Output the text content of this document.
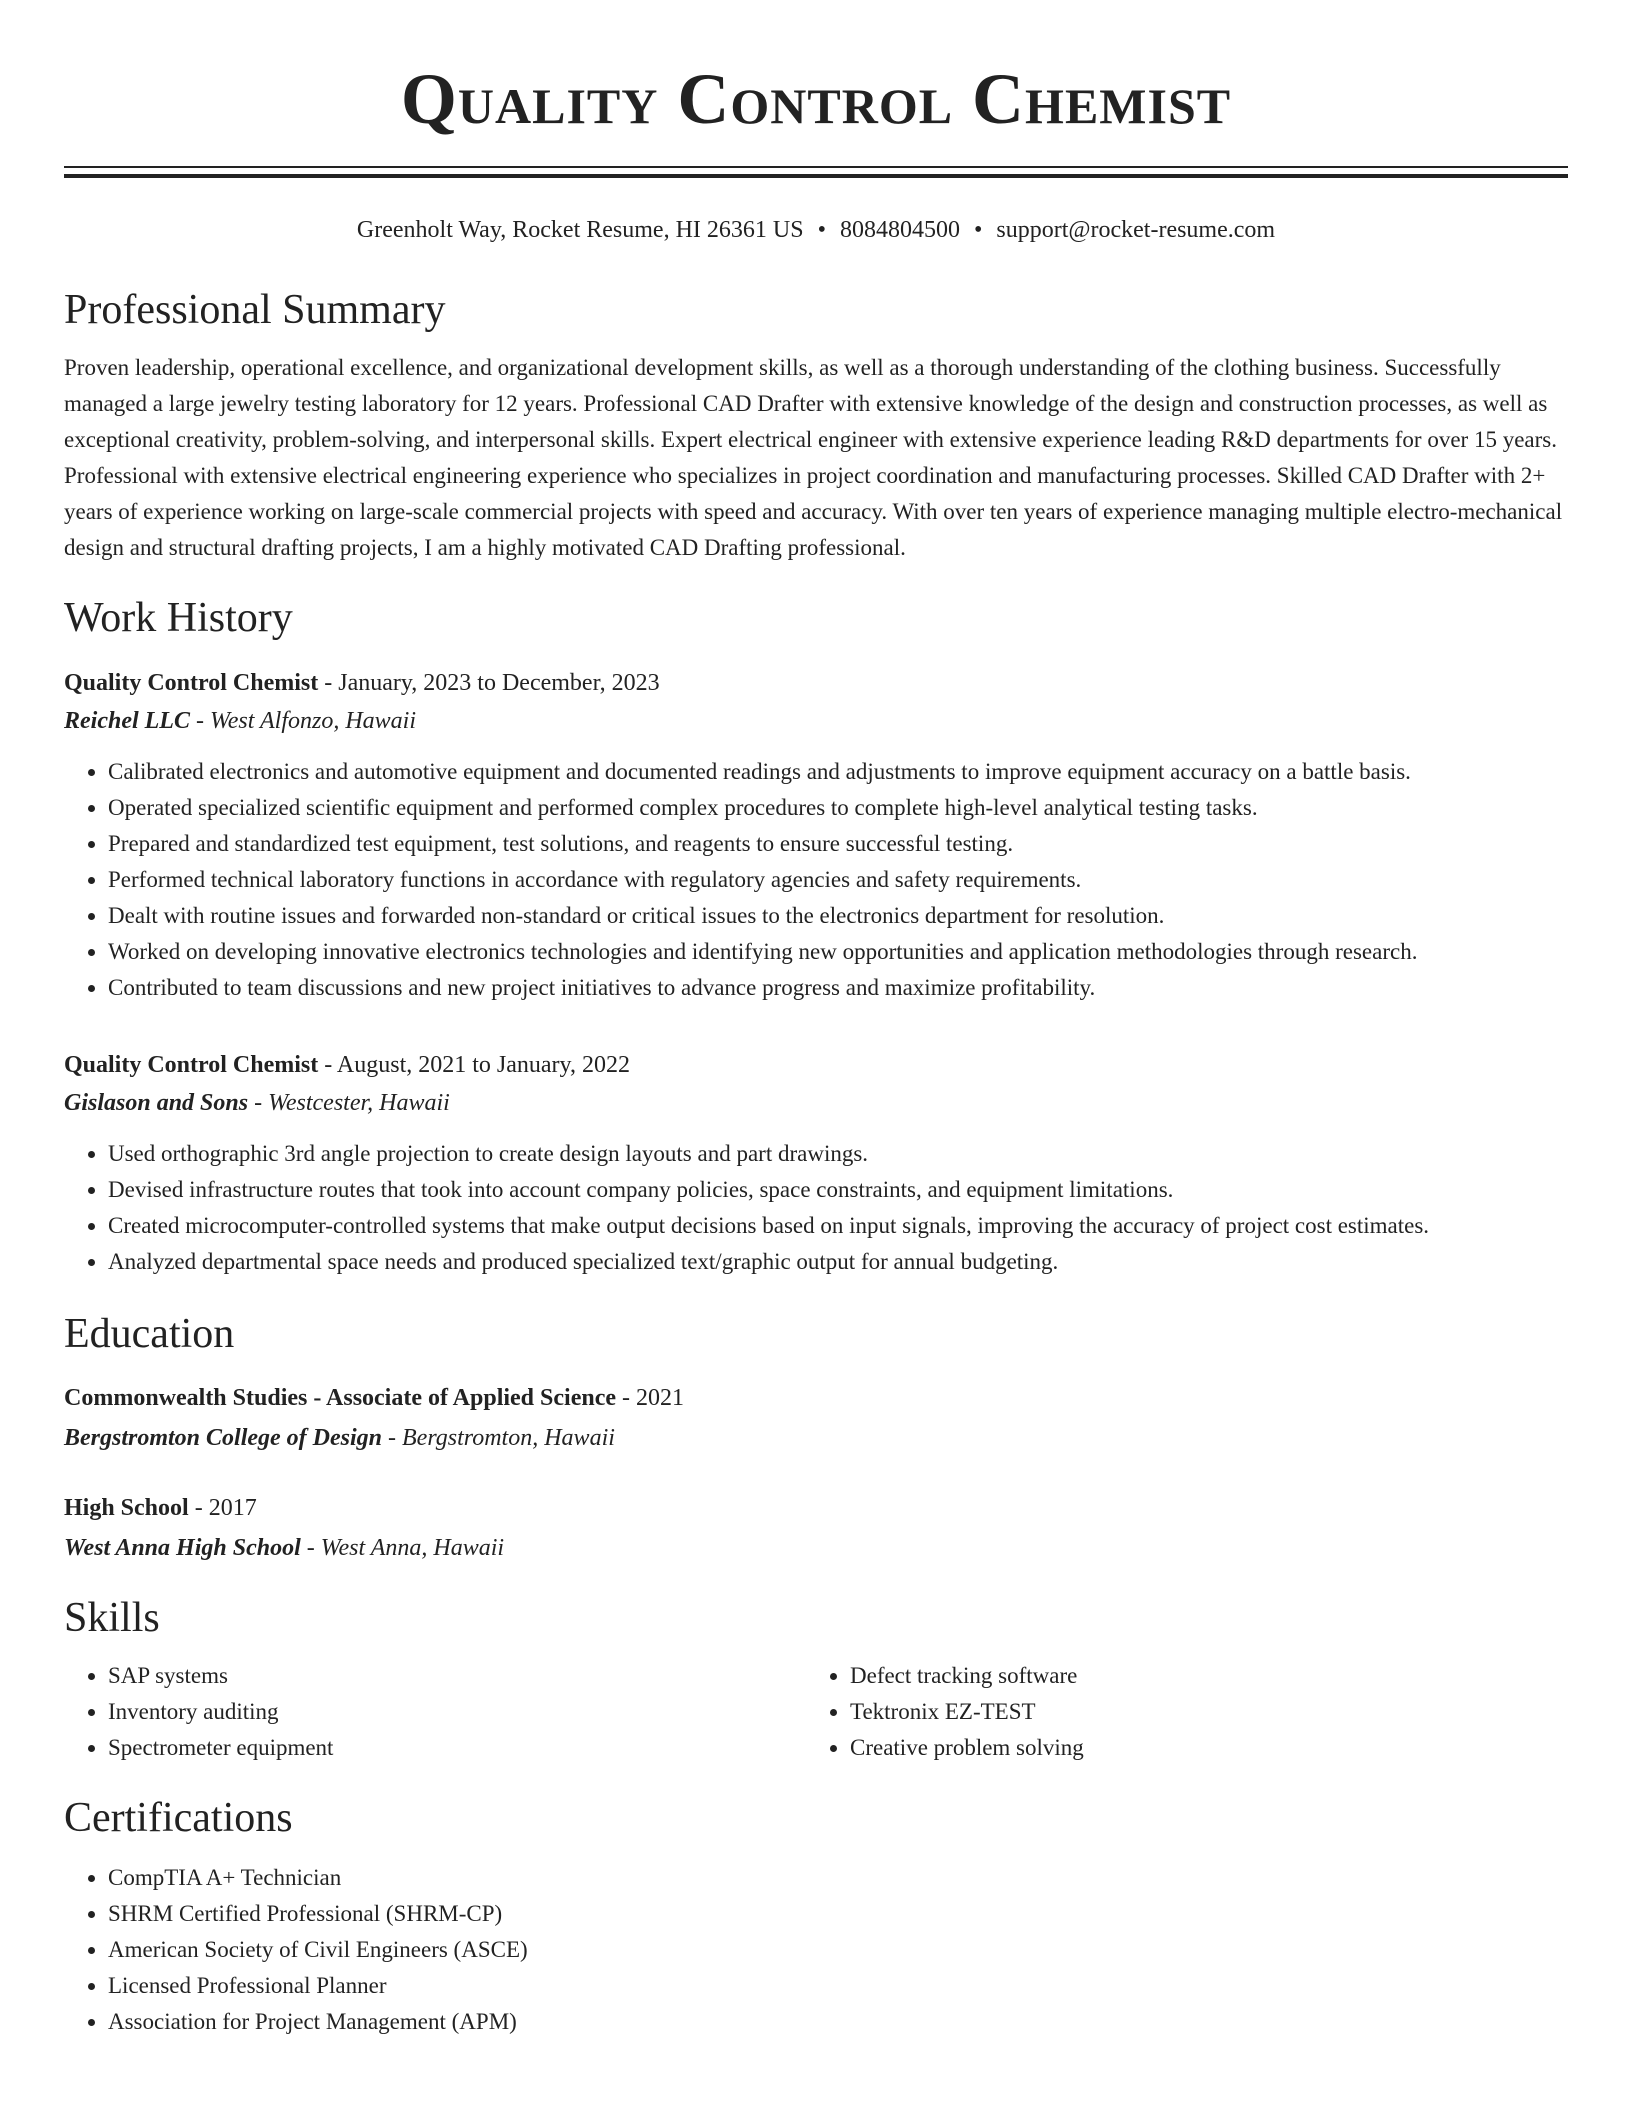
Quality Control Chemist
Greenholt Way, Rocket Resume, HI 26361 US • 8084804500 • support@rocket-resume.com
Professional Summary

Proven leadership, operational excellence, and organizational development skills, as well as a thorough understanding of the clothing business. Successfully managed a large jewelry testing laboratory for 12 years. Professional CAD Drafter with extensive knowledge of the design and construction processes, as well as exceptional creativity, problem-solving, and interpersonal skills. Expert electrical engineer with extensive experience leading R&D departments for over 15 years. Professional with extensive electrical engineering experience who specializes in project coordination and manufacturing processes. Skilled CAD Drafter with 2+ years of experience working on large-scale commercial projects with speed and accuracy. With over ten years of experience managing multiple electro-mechanical design and structural drafting projects, I am a highly motivated CAD Drafting professional.

Work History
Quality Control Chemist - January, 2023 to December, 2023
Reichel LLC - West Alfonzo, Hawaii
• Calibrated electronics and automotive equipment and documented readings and adjustments to improve equipment accuracy on a battle basis.
• Operated specialized scientific equipment and performed complex procedures to complete high-level analytical testing tasks.
• Prepared and standardized test equipment, test solutions, and reagents to ensure successful testing.
• Performed technical laboratory functions in accordance with regulatory agencies and safety requirements.
• Dealt with routine issues and forwarded non-standard or critical issues to the electronics department for resolution.
• Worked on developing innovative electronics technologies and identifying new opportunities and application methodologies through research.
• Contributed to team discussions and new project initiatives to advance progress and maximize profitability.
Quality Control Chemist - August, 2021 to January, 2022
Gislason and Sons - Westcester, Hawaii
• Used orthographic 3rd angle projection to create design layouts and part drawings.
• Devised infrastructure routes that took into account company policies, space constraints, and equipment limitations.
• Created microcomputer-controlled systems that make output decisions based on input signals, improving the accuracy of project cost estimates.
• Analyzed departmental space needs and produced specialized text/graphic output for annual budgeting.
Education
Commonwealth Studies - Associate of Applied Science - 2021
Bergstromton College of Design - Bergstromton, Hawaii
High School - 2017
West Anna High School - West Anna, Hawaii
Skills
• SAP systems
• Inventory auditing
• Spectrometer equipment
• Defect tracking software
• Tektronix EZ-TEST
• Creative problem solving
Certifications
• CompTIA A+ Technician
• SHRM Certified Professional (SHRM-CP)
• American Society of Civil Engineers (ASCE)
• Licensed Professional Planner
• Association for Project Management (APM)
